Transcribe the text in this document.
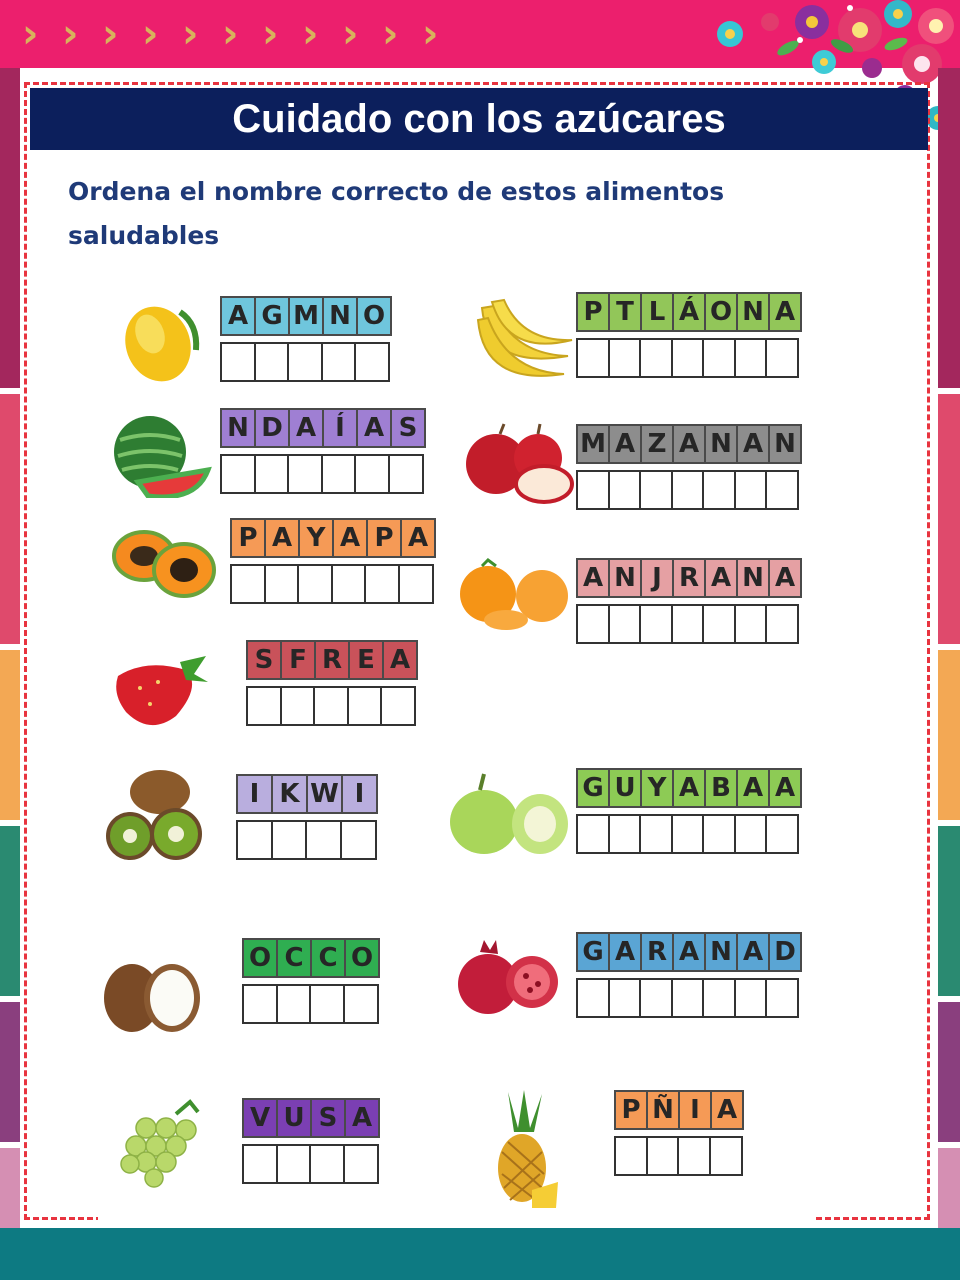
› › › › › › › › › › ›
Cuidado con los azúcares
Ordena el nombre correcto de estos alimentos saludables
A G M N O	P T L Á O N A
N D A Í A S
M A Z A N A N
P A Y A P A
A N J R A N A
S F R E A
I K W I	G U Y A B A A
O C C O	G A R A N A D
V U S A	P Ñ I A
